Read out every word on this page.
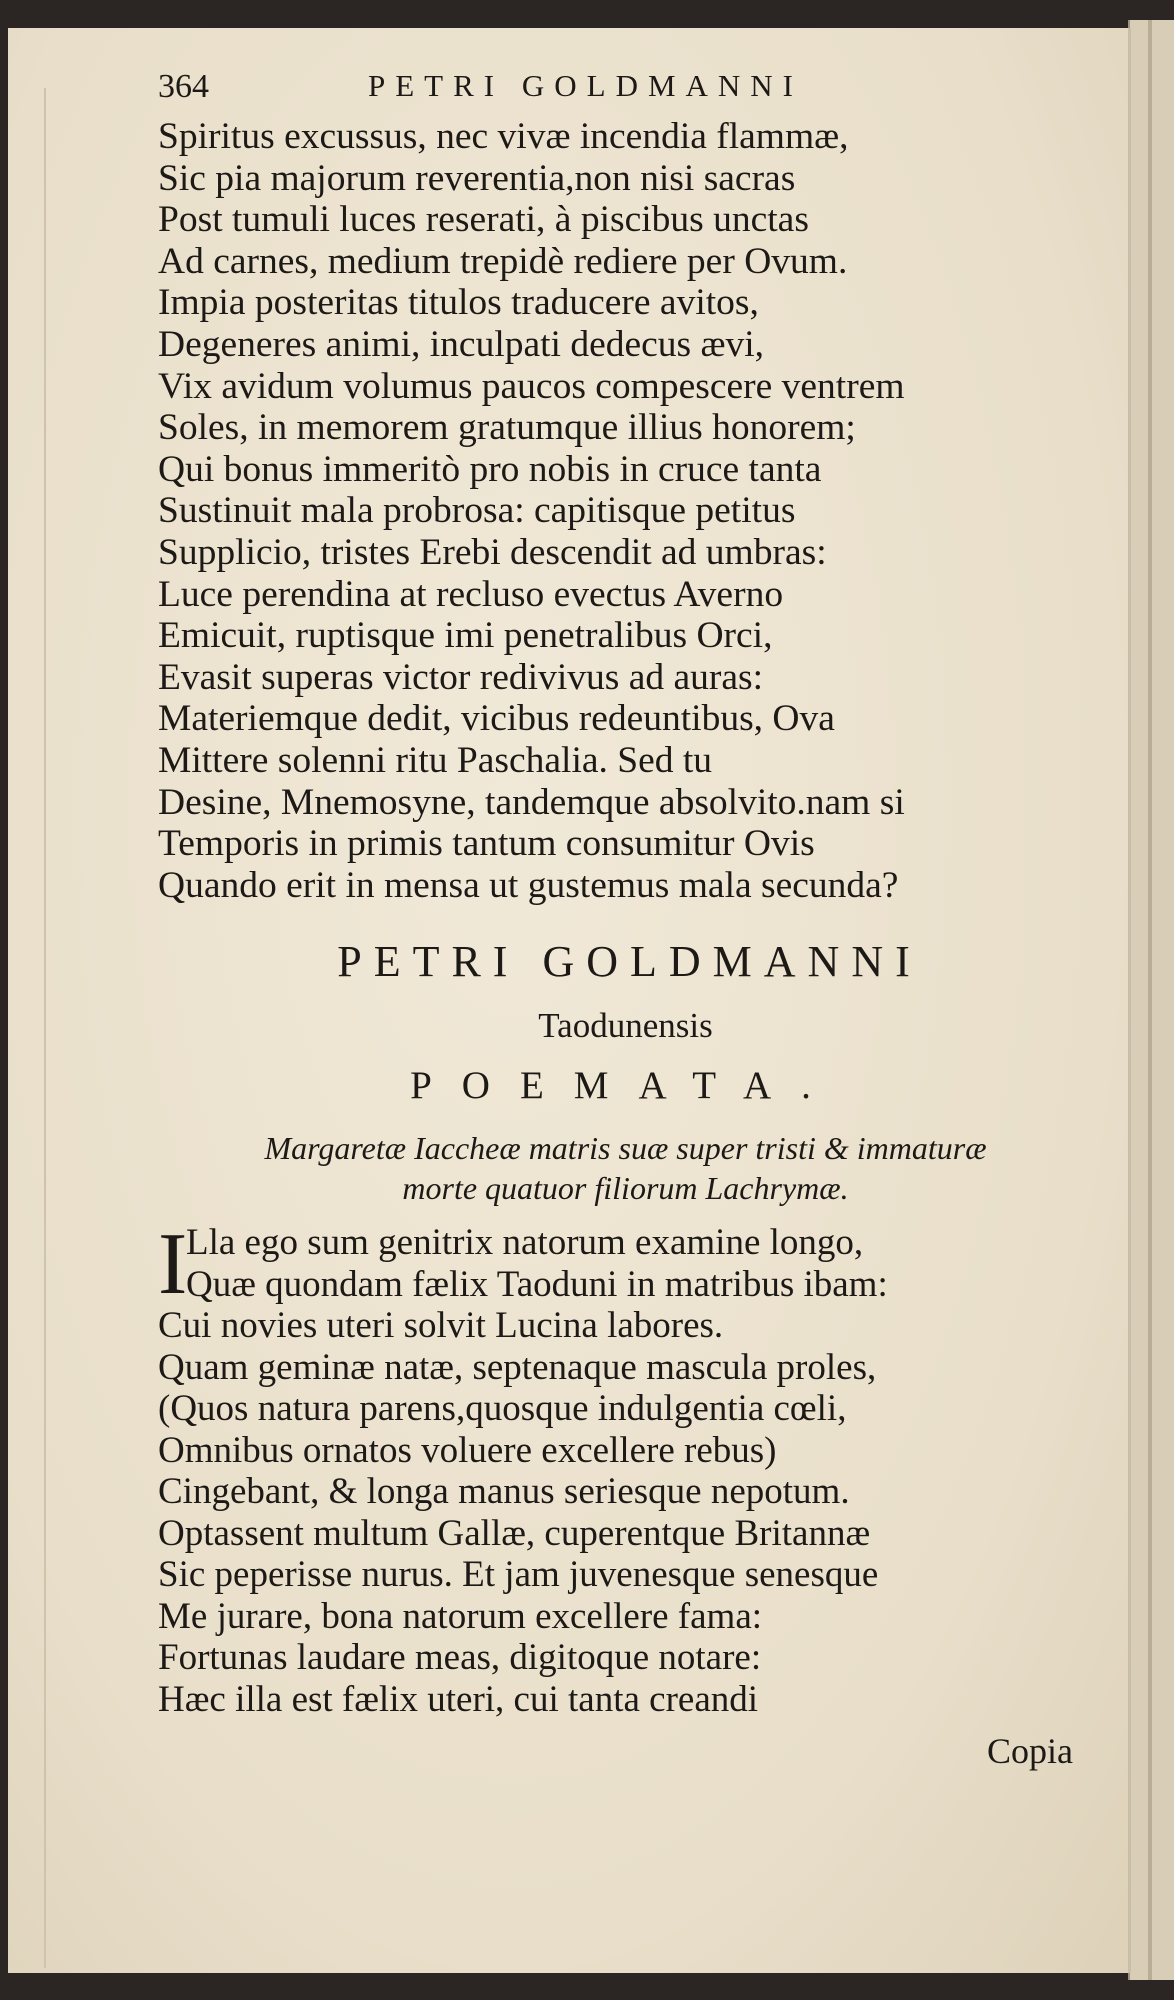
364	PETRI GOLDMANNI
Spiritus excussus, nec vivæ incendia flammæ,
Sic pia majorum reverentia,non nisi sacras
Post tumuli luces reserati, à piscibus unctas
Ad carnes, medium trepidè rediere per Ovum.
Impia posteritas titulos traducere avitos,
Degeneres animi, inculpati dedecus ævi,
Vix avidum volumus paucos compescere ventrem
Soles, in memorem gratumque illius honorem;
Qui bonus immeritò pro nobis in cruce tanta
Sustinuit mala probrosa: capitisque petitus
Supplicio, tristes Erebi descendit ad umbras:
Luce perendina at recluso evectus Averno
Emicuit, ruptisque imi penetralibus Orci,
Evasit superas victor redivivus ad auras:
Materiemque dedit, vicibus redeuntibus, Ova
Mittere solenni ritu Paschalia. Sed tu
Desine, Mnemosyne, tandemque absolvito.nam si
Temporis in primis tantum consumitur Ovis
Quando erit in mensa ut gustemus mala secunda?
PETRI GOLDMANNI
Taodunensis
POEMATA.
Margaretæ Iaccheæ matris suæ super tristi & immaturæ
morte quatuor filiorum Lachrymæ.
I
Lla ego sum genitrix natorum examine longo,
Quæ quondam fælix Taoduni in matribus ibam:
Cui novies uteri solvit Lucina labores.
Quam geminæ natæ, septenaque mascula proles,
(Quos natura parens,quosque indulgentia cœli,
Omnibus ornatos voluere excellere rebus)
Cingebant, & longa manus seriesque nepotum.
Optassent multum Gallæ, cuperentque Britannæ
Sic peperisse nurus. Et jam juvenesque senesque
Me jurare, bona natorum excellere fama:
Fortunas laudare meas, digitoque notare:
Hæc illa est fælix uteri, cui tanta creandi
Copia
